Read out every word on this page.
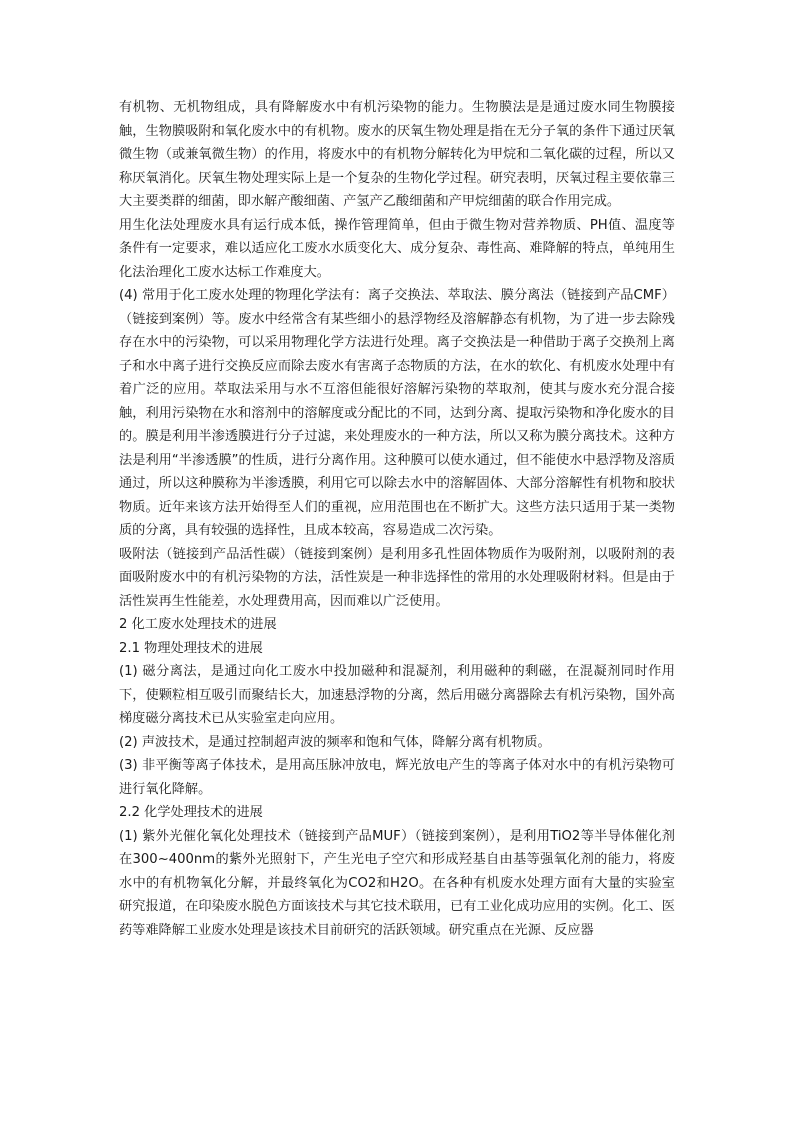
有机物、无机物组成，具有降解废水中有机污染物的能力。生物膜法是是通过废水同生物膜接触，生物膜吸附和氧化废水中的有机物。废水的厌氧生物处理是指在无分子氧的条件下通过厌氧微生物（或兼氧微生物）的作用，将废水中的有机物分解转化为甲烷和二氧化碳的过程，所以又称厌氧消化。厌氧生物处理实际上是一个复杂的生物化学过程。研究表明，厌氧过程主要依靠三大主要类群的细菌，即水解产酸细菌、产氢产乙酸细菌和产甲烷细菌的联合作用完成。

用生化法处理废水具有运行成本低，操作管理简单，但由于微生物对营养物质、PH值、温度等条件有一定要求，难以适应化工废水水质变化大、成分复杂、毒性高、难降解的特点，单纯用生化法治理化工废水达标工作难度大。

(4) 常用于化工废水处理的物理化学法有：离子交换法、萃取法、膜分离法（链接到产品CMF）（链接到案例）等。废水中经常含有某些细小的悬浮物经及溶解静态有机物，为了进一步去除残存在水中的污染物，可以采用物理化学方法进行处理。离子交换法是一种借助于离子交换剂上离子和水中离子进行交换反应而除去废水有害离子态物质的方法，在水的软化、有机废水处理中有着广泛的应用。萃取法采用与水不互溶但能很好溶解污染物的萃取剂，使其与废水充分混合接触，利用污染物在水和溶剂中的溶解度或分配比的不同，达到分离、提取污染物和净化废水的目的。膜是利用半渗透膜进行分子过滤，来处理废水的一种方法，所以又称为膜分离技术。这种方法是利用“半渗透膜”的性质，进行分离作用。这种膜可以使水通过，但不能使水中悬浮物及溶质通过，所以这种膜称为半渗透膜，利用它可以除去水中的溶解固体、大部分溶解性有机物和胶状物质。近年来该方法开始得至人们的重视，应用范围也在不断扩大。这些方法只适用于某一类物质的分离，具有较强的选择性，且成本较高，容易造成二次污染。

吸附法（链接到产品活性碳）（链接到案例）是利用多孔性固体物质作为吸附剂，以吸附剂的表面吸附废水中的有机污染物的方法，活性炭是一种非选择性的常用的水处理吸附材料。但是由于活性炭再生性能差，水处理费用高，因而难以广泛使用。

2 化工废水处理技术的进展

2.1 物理处理技术的进展

(1) 磁分离法，是通过向化工废水中投加磁种和混凝剂，利用磁种的剩磁，在混凝剂同时作用下，使颗粒相互吸引而聚结长大，加速悬浮物的分离，然后用磁分离器除去有机污染物，国外高梯度磁分离技术已从实验室走向应用。

(2) 声波技术，是通过控制超声波的频率和饱和气体，降解分离有机物质。

(3) 非平衡等离子体技术，是用高压脉冲放电，辉光放电产生的等离子体对水中的有机污染物可进行氧化降解。

2.2 化学处理技术的进展

(1) 紫外光催化氧化处理技术（链接到产品MUF）（链接到案例），是利用TiO2等半导体催化剂在300~400nm的紫外光照射下，产生光电子空穴和形成羟基自由基等强氧化剂的能力，将废水中的有机物氧化分解，并最终氧化为CO2和H2O。在各种有机废水处理方面有大量的实验室研究报道，在印染废水脱色方面该技术与其它技术联用，已有工业化成功应用的实例。化工、医药等难降解工业废水处理是该技术目前研究的活跃领域。研究重点在光源、反应器
